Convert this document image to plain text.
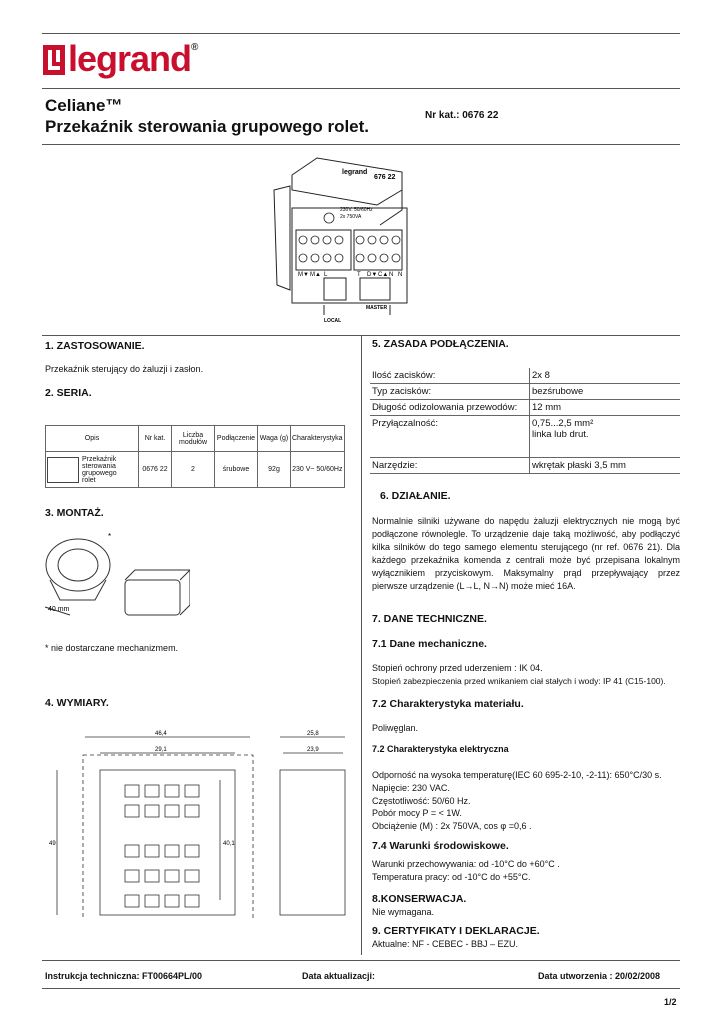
legrand®
Celiane™
Przekaźnik sterowania grupowego rolet.
Nr kat.: 0676 22
legrand
676 22
230V. 50/60Hz
2x 750VA
M▼ M▲ L	T D▼ C▲ N N
LOCAL
MASTER
1. ZASTOSOWANIE.
Przekaźnik sterujący do żaluzji i zasłon.
2. SERIA.
Opis	Nr kat.	Liczba modułów	Podłączenie	Waga (g)	Charakterystyka
Przekaźnik sterowania grupowego rolet	0676 22	2	śrubowe	92g	230 V~ 50/60Hz
3. MONTAŻ.
*
40 mm
* nie dostarczane mechanizmem.
4. WYMIARY.
46,4
29,1
49	40,1
25,8
23,9
5. ZASADA PODŁĄCZENIA.
Ilość zacisków:	2x 8
Typ zacisków:	bezśrubowe
Długość odizolowania przewodów:	12 mm
Przyłączalność:	0,75...2,5 mm²
linka lub drut.
Narzędzie:	wkrętak płaski 3,5 mm
6. DZIAŁANIE.
Normalnie silniki używane do napędu żaluzji elektrycznych nie mogą być podłączone równolegle. To urządzenie daje taką możliwość, aby podłączyć kilka silników do tego samego elementu sterującego (nr ref. 0676 21). Dla każdego przekaźnika komenda z centrali może być przepisana lokalnym wyłącznikiem przyciskowym. Maksymalny prąd przepływający przez pierwsze urządzenie (L→L, N→N) może mieć 16A.
7. DANE TECHNICZNE.
7.1 Dane mechaniczne.
Stopień ochrony przed uderzeniem : IK 04.
Stopień zabezpieczenia przed wnikaniem ciał stałych i wody: IP 41 (C15-100).
7.2 Charakterystyka materiału.
Poliwęglan.
7.2 Charakterystyka elektryczna
Odporność na wysoka temperaturę(IEC 60 695-2-10, -2-11): 650°C/30 s.
Napięcie: 230 VAC.
Częstotliwość: 50/60 Hz.
Pobór mocy P = < 1W.
Obciążenie (M) : 2x 750VA, cos φ =0,6 .
7.4 Warunki środowiskowe.
Warunki przechowywania: od -10°C do +60°C .
Temperatura pracy: od -10°C do +55°C.
8.KONSERWACJA.
Nie wymagana.
9. CERTYFIKATY I DEKLARACJE.
Aktualne: NF - CEBEC - BBJ – EZU.
Instrukcja techniczna: FT00664PL/00	Data aktualizacji:	Data utworzenia : 20/02/2008
1/2
